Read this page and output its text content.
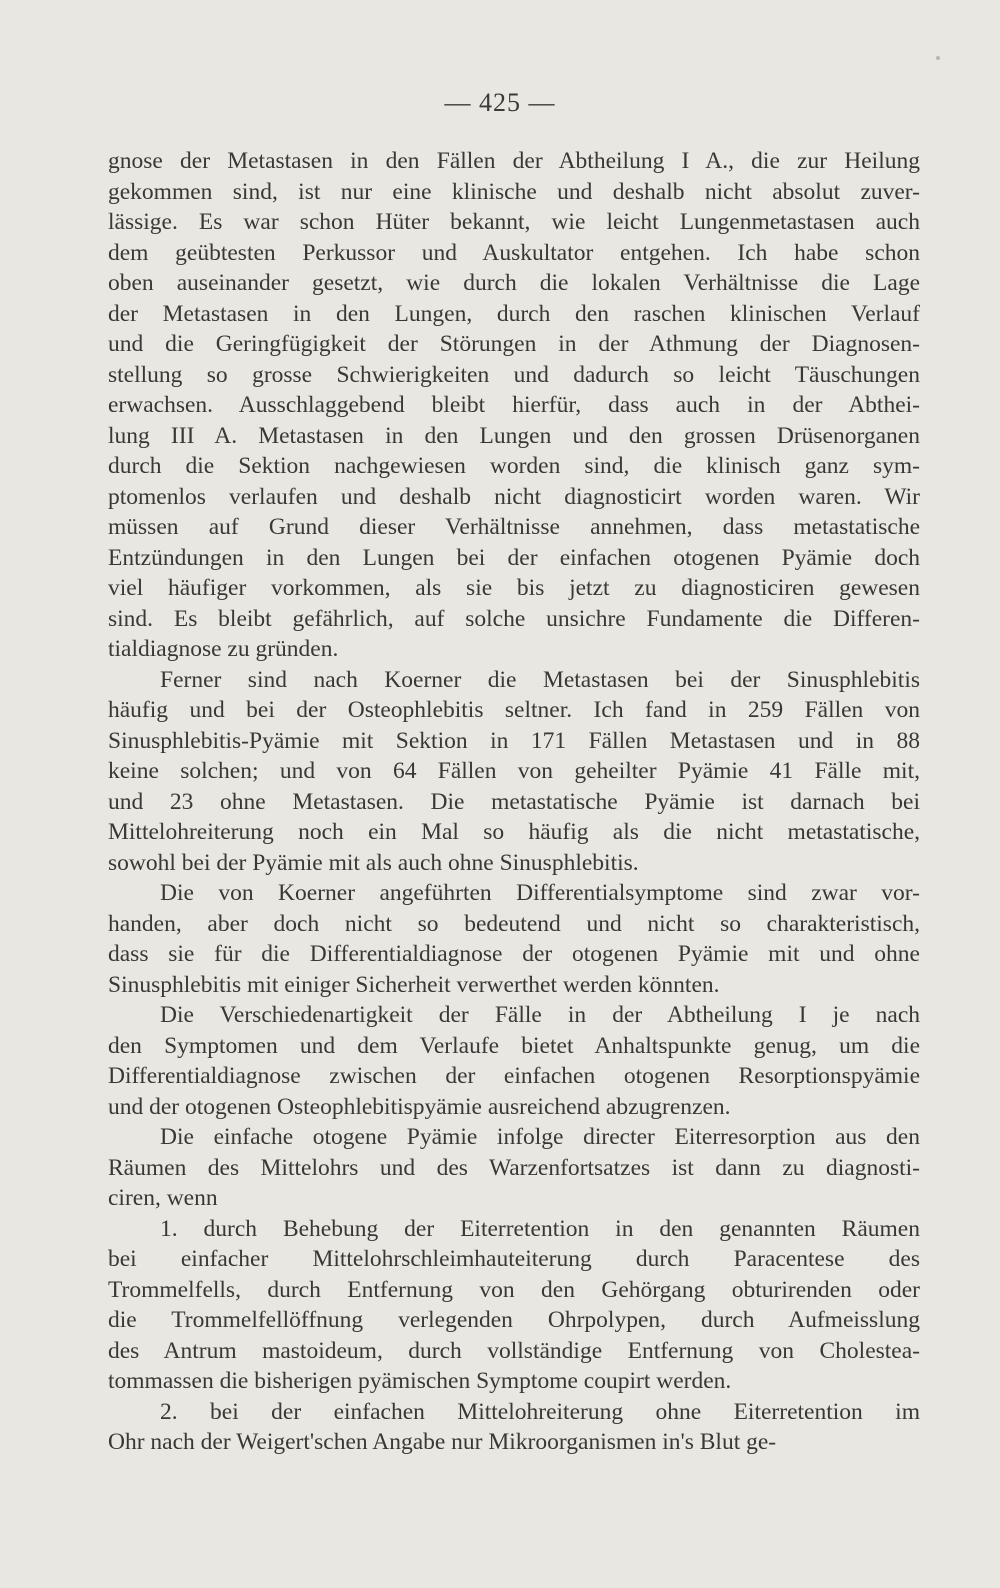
— 425 —
gnose der Metastasen in den Fällen der Abtheilung I A., die zur Heilung
gekommen sind, ist nur eine klinische und deshalb nicht absolut zuver-
lässige. Es war schon Hüter bekannt, wie leicht Lungenmetastasen auch
dem geübtesten Perkussor und Auskultator entgehen. Ich habe schon
oben auseinander gesetzt, wie durch die lokalen Verhältnisse die Lage
der Metastasen in den Lungen, durch den raschen klinischen Verlauf
und die Geringfügigkeit der Störungen in der Athmung der Diagnosen-
stellung so grosse Schwierigkeiten und dadurch so leicht Täuschungen
erwachsen. Ausschlaggebend bleibt hierfür, dass auch in der Abthei-
lung III A. Metastasen in den Lungen und den grossen Drüsenorganen
durch die Sektion nachgewiesen worden sind, die klinisch ganz sym-
ptomenlos verlaufen und deshalb nicht diagnosticirt worden waren. Wir
müssen auf Grund dieser Verhältnisse annehmen, dass metastatische
Entzündungen in den Lungen bei der einfachen otogenen Pyämie doch
viel häufiger vorkommen, als sie bis jetzt zu diagnosticiren gewesen
sind. Es bleibt gefährlich, auf solche unsichre Fundamente die Differen-
tialdiagnose zu gründen.
Ferner sind nach Koerner die Metastasen bei der Sinusphlebitis
häufig und bei der Osteophlebitis seltner. Ich fand in 259 Fällen von
Sinusphlebitis-Pyämie mit Sektion in 171 Fällen Metastasen und in 88
keine solchen; und von 64 Fällen von geheilter Pyämie 41 Fälle mit,
und 23 ohne Metastasen. Die metastatische Pyämie ist darnach bei
Mittelohreiterung noch ein Mal so häufig als die nicht metastatische,
sowohl bei der Pyämie mit als auch ohne Sinusphlebitis.
Die von Koerner angeführten Differentialsymptome sind zwar vor-
handen, aber doch nicht so bedeutend und nicht so charakteristisch,
dass sie für die Differentialdiagnose der otogenen Pyämie mit und ohne
Sinusphlebitis mit einiger Sicherheit verwerthet werden könnten.
Die Verschiedenartigkeit der Fälle in der Abtheilung I je nach
den Symptomen und dem Verlaufe bietet Anhaltspunkte genug, um die
Differentialdiagnose zwischen der einfachen otogenen Resorptionspyämie
und der otogenen Osteophlebitispyämie ausreichend abzugrenzen.
Die einfache otogene Pyämie infolge directer Eiterresorption aus den
Räumen des Mittelohrs und des Warzenfortsatzes ist dann zu diagnosti-
ciren, wenn
1. durch Behebung der Eiterretention in den genannten Räumen
bei einfacher Mittelohrschleimhauteiterung durch Paracentese des
Trommelfells, durch Entfernung von den Gehörgang obturirenden oder
die Trommelfellöffnung verlegenden Ohrpolypen, durch Aufmeisslung
des Antrum mastoideum, durch vollständige Entfernung von Cholestea-
tommassen die bisherigen pyämischen Symptome coupirt werden.
2. bei der einfachen Mittelohreiterung ohne Eiterretention im
Ohr nach der Weigert'schen Angabe nur Mikroorganismen in's Blut ge-
